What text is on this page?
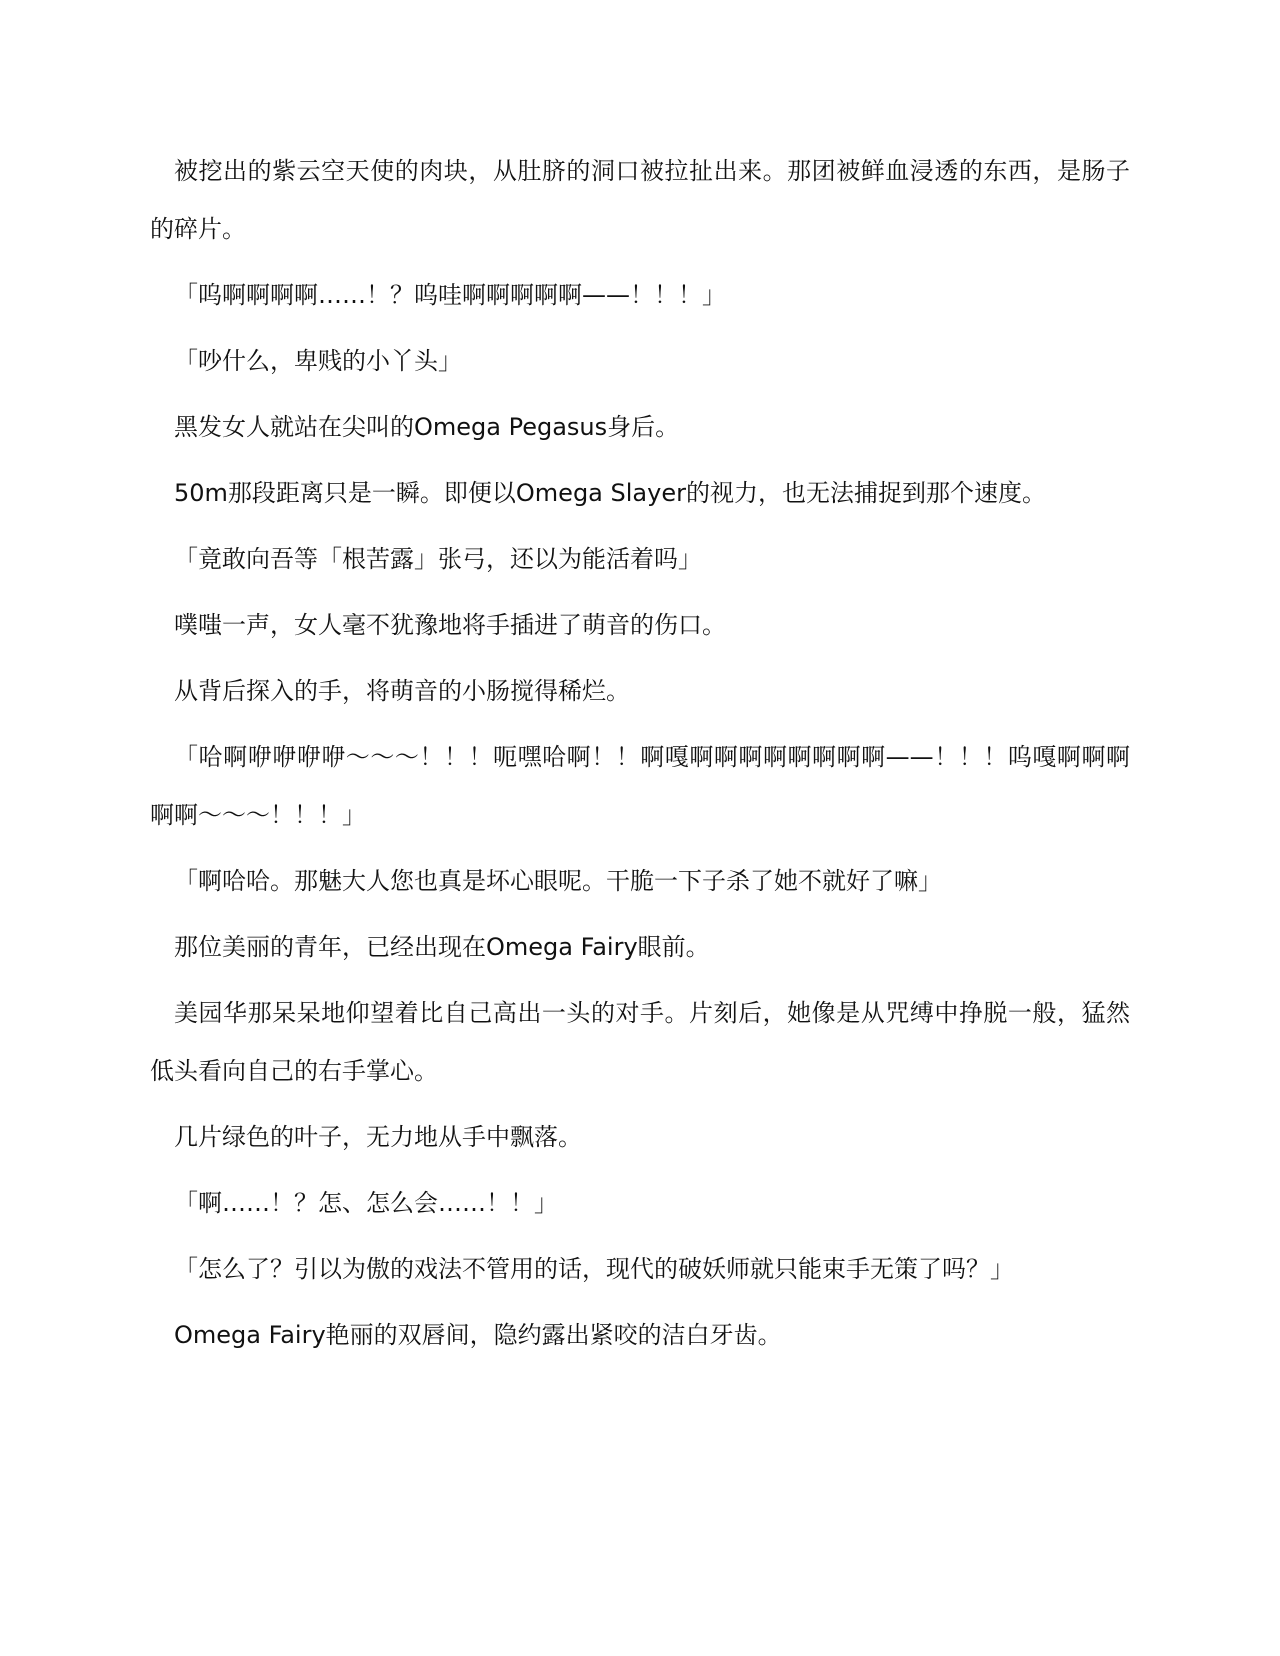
被挖出的紫云空天使的肉块，从肚脐的洞口被拉扯出来。那团被鲜血浸透的东西，是肠子的碎片。

「呜啊啊啊啊……！？呜哇啊啊啊啊啊——！！！」

「吵什么，卑贱的小丫头」

黑发女人就站在尖叫的Omega Pegasus身后。

50m那段距离只是一瞬。即便以Omega Slayer的视力，也无法捕捉到那个速度。

「竟敢向吾等「根苦露」张弓，还以为能活着吗」

噗嗤一声，女人毫不犹豫地将手插进了萌音的伤口。

从背后探入的手，将萌音的小肠搅得稀烂。

「哈啊咿咿咿咿～～～！！！呃嘿哈啊！！啊嘎啊啊啊啊啊啊啊啊——！！！呜嘎啊啊啊啊啊～～～！！！」

「啊哈哈。那魅大人您也真是坏心眼呢。干脆一下子杀了她不就好了嘛」

那位美丽的青年，已经出现在Omega Fairy眼前。

美园华那呆呆地仰望着比自己高出一头的对手。片刻后，她像是从咒缚中挣脱一般，猛然低头看向自己的右手掌心。

几片绿色的叶子，无力地从手中飘落。

「啊……！？怎、怎么会……！！」

「怎么了？引以为傲的戏法不管用的话，现代的破妖师就只能束手无策了吗？」

Omega Fairy艳丽的双唇间，隐约露出紧咬的洁白牙齿。
